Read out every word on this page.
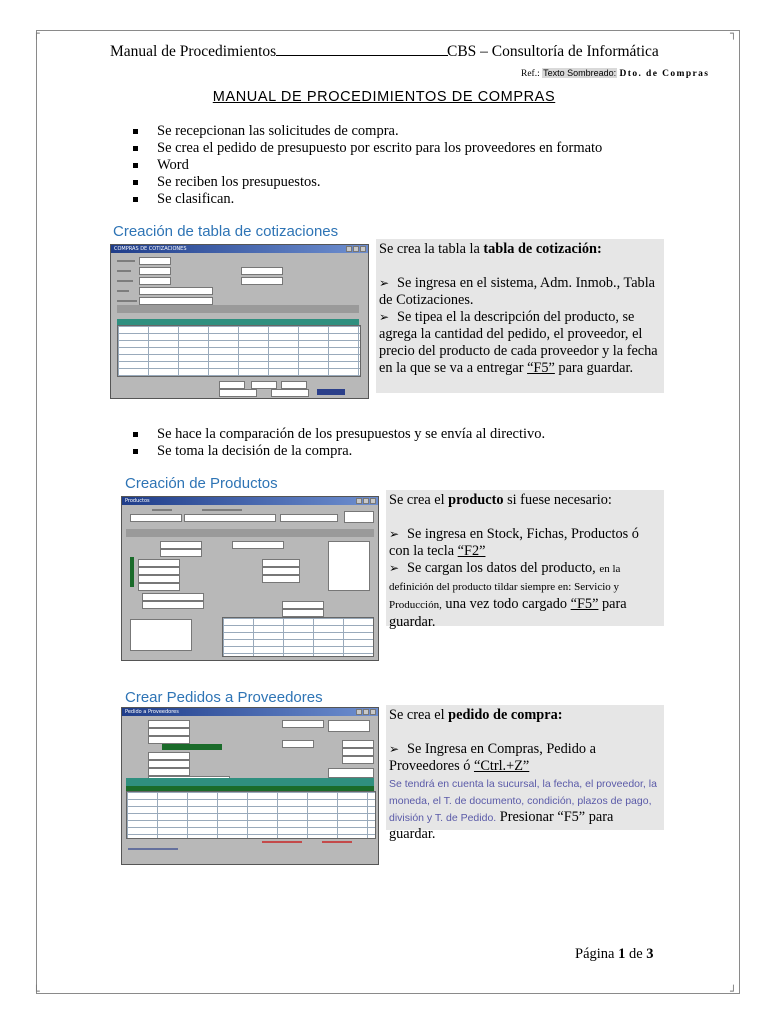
┌	┐
└	┘
Manual de Procedimientos	CBS – Consultoría de Informática
Ref.: Texto Sombreado: Dto. de Compras
MANUAL DE PROCEDIMIENTOS DE COMPRAS
Se recepcionan las solicitudes de compra.
Se crea el pedido de presupuesto por escrito para los proveedores en formato
Word
Se reciben los presupuestos.
Se clasifican.
Creación de tabla de cotizaciones
COMPRAS DE COTIZACIONES	Se crea la tabla la tabla de cotización:

➢ Se ingresa en el sistema, Adm. Inmob., Tabla de Cotizaciones.

➢ Se tipea el la descripción del producto, se agrega la cantidad del pedido, el proveedor, el precio del producto de cada proveedor y la fecha en la que se va a entregar “F5” para guardar.

Se hace la comparación de los presupuestos y se envía al directivo.
Se toma la decisión de la compra.
Creación de Productos
Productos	Se crea el producto si fuese necesario:

➢ Se ingresa en Stock, Fichas, Productos ó con la tecla “F2”

➢ Se cargan los datos del producto, en la definición del producto tildar siempre en: Servicio y Producción, una vez todo cargado “F5” para guardar.

Crear Pedidos a Proveedores
Pedido a Proveedores	Se crea el pedido de compra:

➢ Se Ingresa en Compras, Pedido a Proveedores ó “Ctrl.+Z”

Se tendrá en cuenta la sucursal, la fecha, el proveedor, la moneda, el T. de documento, condición, plazos de pago, división y T. de Pedido. Presionar “F5” para guardar.

Página 1 de 3
